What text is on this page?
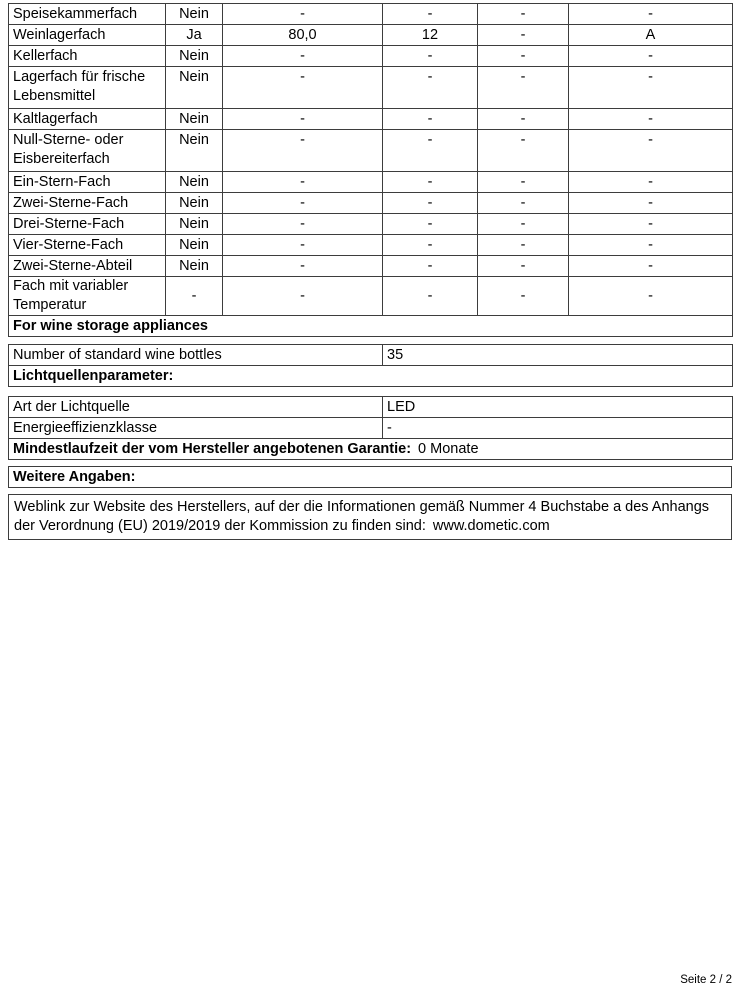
Speisekammerfach	Nein	-	-	-	-
Weinlagerfach	Ja	80,0	12	-	A
Kellerfach	Nein	-	-	-	-
Lagerfach für frische Lebensmittel	Nein	-	-	-	-
Kaltlagerfach	Nein	-	-	-	-
Null-Sterne- oder Eisbereiterfach	Nein	-	-	-	-
Ein-Stern-Fach	Nein	-	-	-	-
Zwei-Sterne-Fach	Nein	-	-	-	-
Drei-Sterne-Fach	Nein	-	-	-	-
Vier-Sterne-Fach	Nein	-	-	-	-
Zwei-Sterne-Abteil	Nein	-	-	-	-
Fach mit variabler Temperatur	-	-	-	-	-
For wine storage appliances					
Number of standard wine bottles	35
Lichtquellenparameter:
Art der Lichtquelle	LED
Energieeffizienzklasse	-
Mindestlaufzeit der vom Hersteller angebotenen Garantie: 0 Monate	
Weitere Angaben:
Weblink zur Website des Herstellers, auf der die Informationen gemäß Nummer 4 Buchstabe a des Anhangs der Verordnung (EU) 2019/2019 der Kommission zu finden sind: www.dometic.com
Seite 2 / 2
